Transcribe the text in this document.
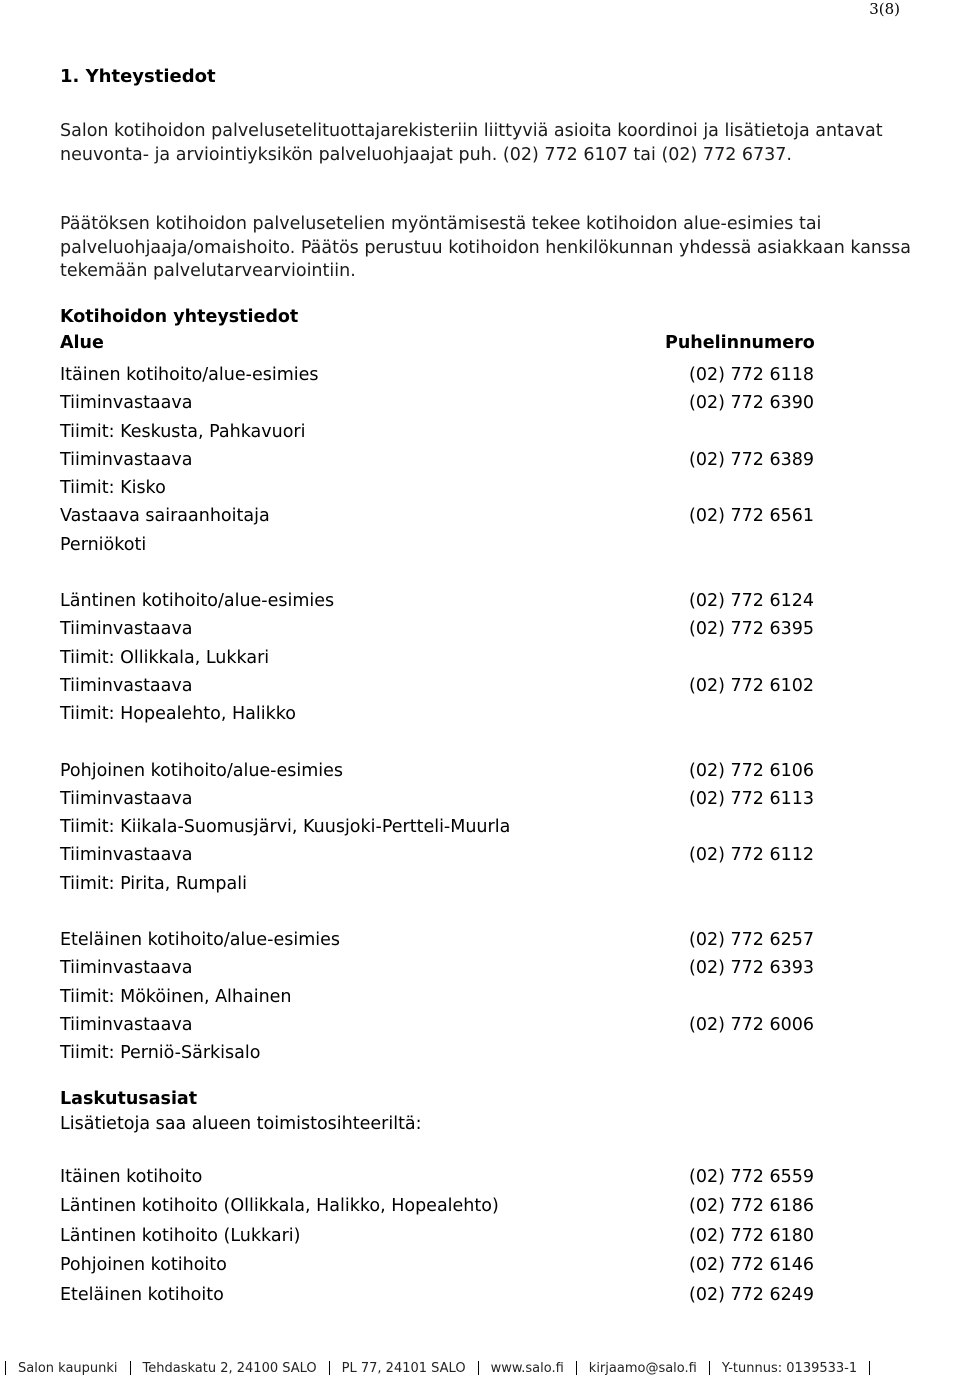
3(8)
1. Yhteystiedot
Salon kotihoidon palvelusetelituottajarekisteriin liittyviä asioita koordinoi ja lisätietoja antavat neuvonta- ja arviointiyksikön palveluohjaajat puh. (02) 772 6107 tai (02) 772 6737.
Päätöksen kotihoidon palvelusetelien myöntämisestä tekee kotihoidon alue-esimies tai palveluohjaaja/omaishoito. Päätös perustuu kotihoidon henkilökunnan yhdessä asiakkaan kanssa tekemään palvelutarvearviointiin.
Kotihoidon yhteystiedot
Alue	Puhelinnumero
Itäinen kotihoito/alue-esimies	(02) 772 6118
Tiiminvastaava	(02) 772 6390
Tiimit: Keskusta, Pahkavuori
Tiiminvastaava	(02) 772 6389
Tiimit: Kisko
Vastaava sairaanhoitaja	(02) 772 6561
Perniökoti
Läntinen kotihoito/alue-esimies	(02) 772 6124
Tiiminvastaava	(02) 772 6395
Tiimit: Ollikkala, Lukkari
Tiiminvastaava	(02) 772 6102
Tiimit: Hopealehto, Halikko
Pohjoinen kotihoito/alue-esimies	(02) 772 6106
Tiiminvastaava	(02) 772 6113
Tiimit: Kiikala-Suomusjärvi, Kuusjoki-Pertteli-Muurla
Tiiminvastaava	(02) 772 6112
Tiimit: Pirita, Rumpali
Eteläinen kotihoito/alue-esimies	(02) 772 6257
Tiiminvastaava	(02) 772 6393
Tiimit: Mököinen, Alhainen
Tiiminvastaava	(02) 772 6006
Tiimit: Perniö-Särkisalo
Laskutusasiat
Lisätietoja saa alueen toimistosihteeriltä:
Itäinen kotihoito	(02) 772 6559
Läntinen kotihoito (Ollikkala, Halikko, Hopealehto)	(02) 772 6186
Läntinen kotihoito (Lukkari)	(02) 772 6180
Pohjoinen kotihoito	(02) 772 6146
Eteläinen kotihoito	(02) 772 6249
Salon kaupunki Tehdaskatu 2, 24100 SALO PL 77, 24101 SALO www.salo.fi kirjaamo@salo.fi Y-tunnus: 0139533-1
